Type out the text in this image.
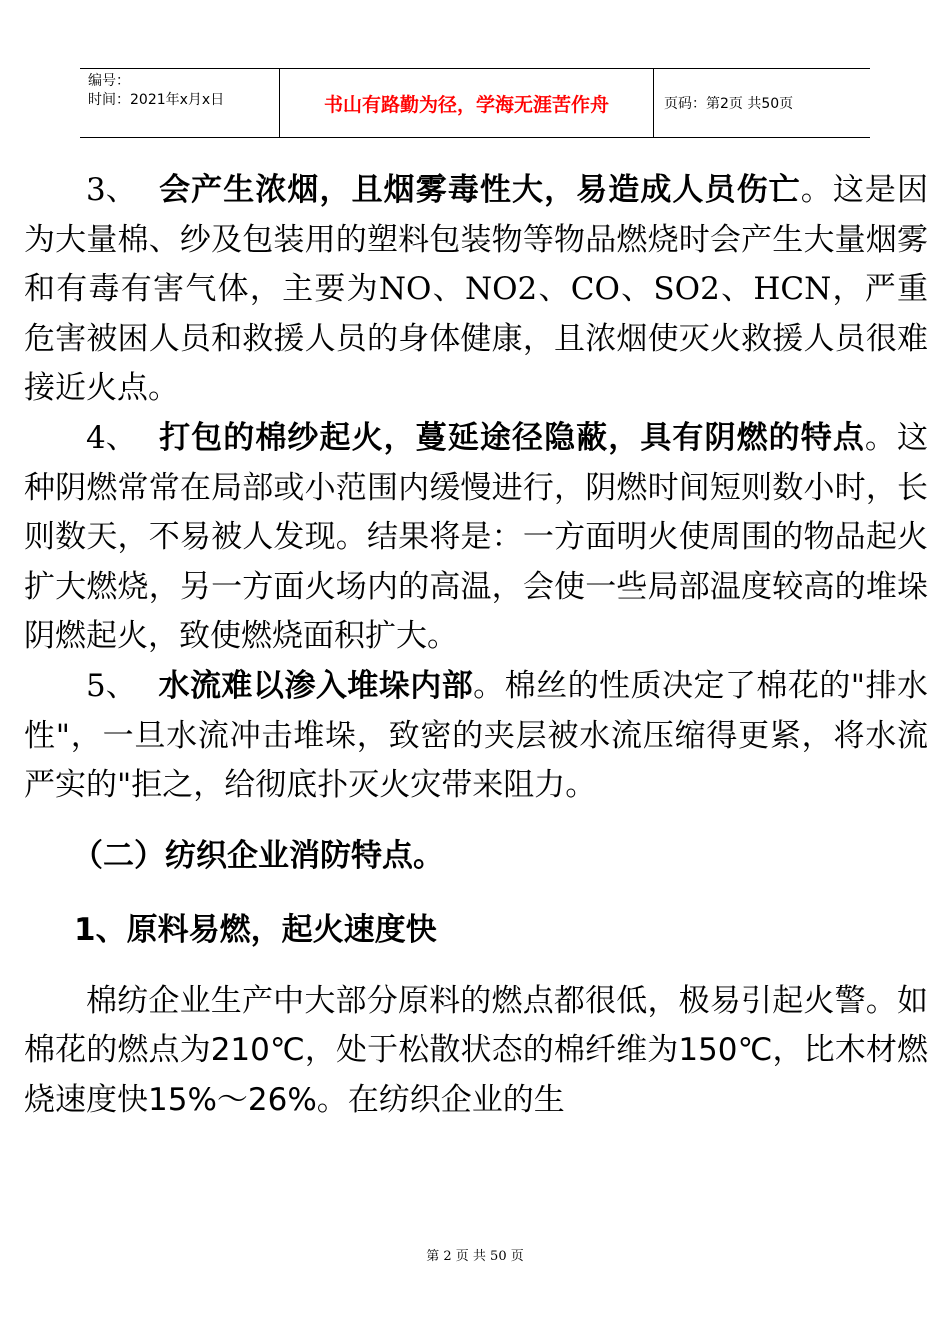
编号：
时间：2021年x月x日	书山有路勤为径，学海无涯苦作舟	页码：第2页 共50页

3、 会产生浓烟，且烟雾毒性大，易造成人员伤亡。这是因为大量棉、纱及包装用的塑料包装物等物品燃烧时会产生大量烟雾和有毒有害气体，主要为NO、NO2、CO、SO2、HCN，严重危害被困人员和救援人员的身体健康，且浓烟使灭火救援人员很难接近火点。

4、 打包的棉纱起火，蔓延途径隐蔽，具有阴燃的特点。这种阴燃常常在局部或小范围内缓慢进行，阴燃时间短则数小时，长则数天，不易被人发现。结果将是：一方面明火使周围的物品起火扩大燃烧，另一方面火场内的高温，会使一些局部温度较高的堆垛阴燃起火，致使燃烧面积扩大。

5、 水流难以渗入堆垛内部。棉丝的性质决定了棉花的"排水性"，一旦水流冲击堆垛，致密的夹层被水流压缩得更紧，将水流严实的"拒之，给彻底扑灭火灾带来阻力。

（二）纺织企业消防特点。

1、原料易燃，起火速度快

棉纺企业生产中大部分原料的燃点都很低，极易引起火警。如棉花的燃点为210℃，处于松散状态的棉纤维为150℃，比木材燃烧速度快15%～26%。在纺织企业的生

第 2 页 共 50 页
